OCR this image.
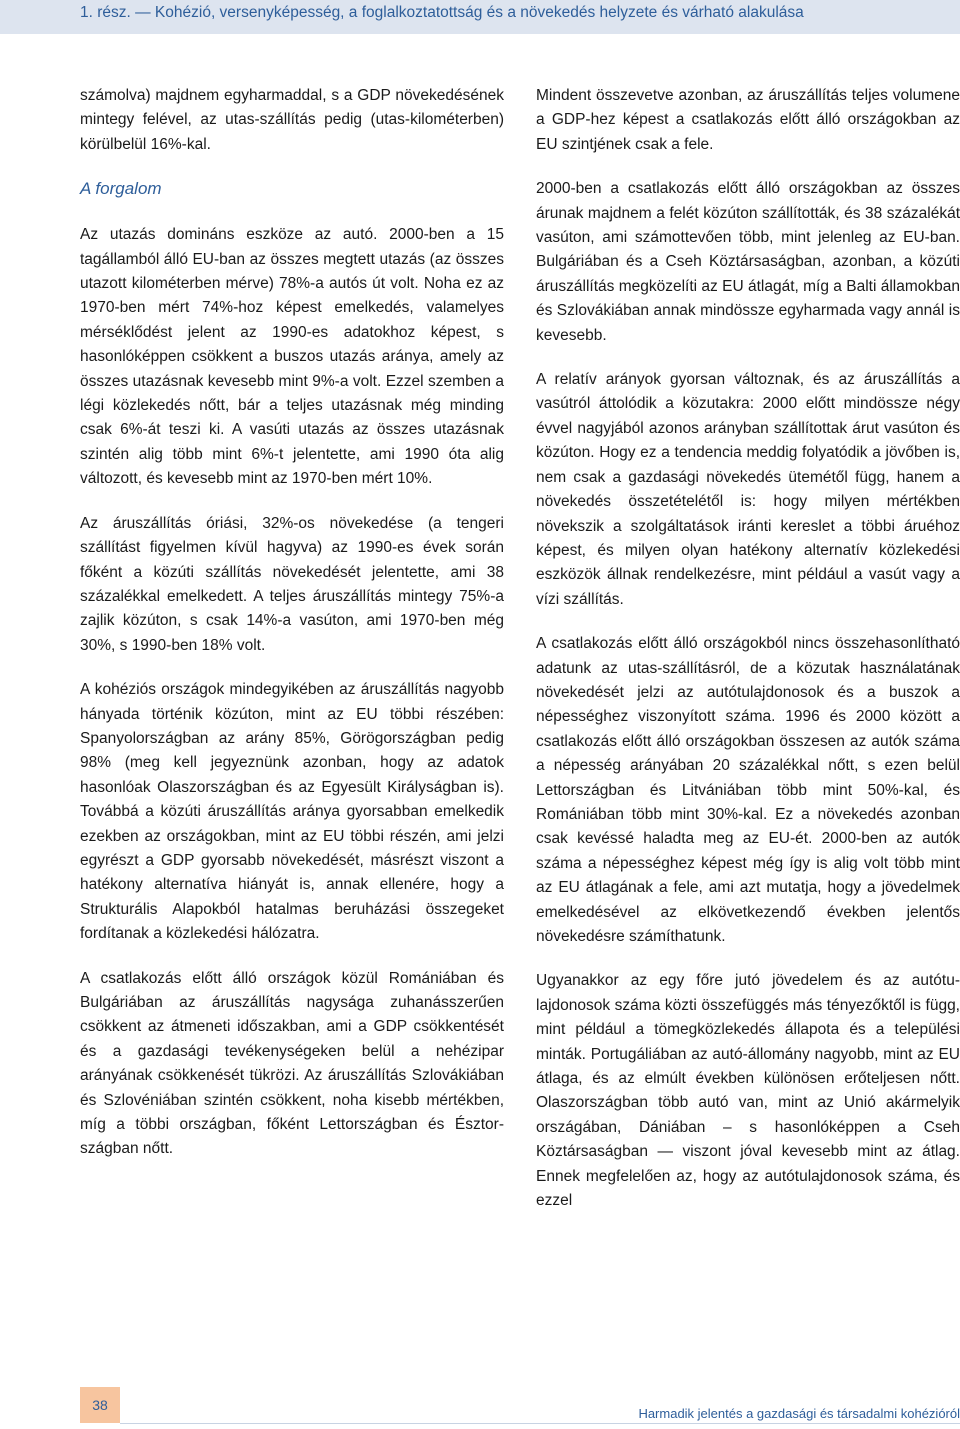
1. rész. — Kohézió, versenyképesség, a foglalkoztatottság és a növekedés helyzete és várható alakulása

számolva) majdnem egyharmaddal, s a GDP növekedésének mintegy felével, az utas-szállítás pedig (utas-kilométerben) körülbelül 16%-kal.

A forgalom

Az utazás domináns eszköze az autó. 2000-ben a 15 tagállamból álló EU-ban az összes megtett utazás (az összes utazott kilométerben mérve) 78%-a autós út volt. Noha ez az 1970-ben mért 74%-hoz képest emelkedés, valamelyes mérséklődést jelent az 1990-es adatokhoz képest, s hasonlóképpen csökkent a buszos utazás aránya, amely az összes utazásnak kevesebb mint 9%-a volt. Ezzel szemben a légi közlekedés nőtt, bár a teljes utazásnak még minding csak 6%-át teszi ki. A vasúti utazás az összes utazásnak szintén alig több mint 6%-t jelentette, ami 1990 óta alig változott, és kevesebb mint az 1970-ben mért 10%.

Az áruszállítás óriási, 32%-os növekedése (a tengeri szállítást figyelmen kívül hagyva) az 1990-es évek során főként a közúti szállítás növekedését jelentette, ami 38 százalékkal emelkedett. A teljes áruszállítás mintegy 75%-a zajlik közúton, s csak 14%-a vasúton, ami 1970-ben még 30%, s 1990-ben 18% volt.

A kohéziós országok mindegyikében az áruszállítás nagyobb hányada történik közúton, mint az EU többi részében: Spanyolországban az arány 85%, Görögországban pedig 98% (meg kell jegyeznünk azonban, hogy az adatok hasonlóak Olaszországban és az Egyesült Királyságban is). Továbbá a közúti áruszállítás aránya gyorsabban emelkedik ezekben az országokban, mint az EU többi részén, ami jelzi egyrészt a GDP gyorsabb növekedését, másrészt viszont a hatékony alternatíva hiányát is, annak ellenére, hogy a Strukturális Alapokból hatalmas beruházási összegeket fordítanak a közlekedési hálózatra.

A csatlakozás előtt álló országok közül Romániában és Bulgáriában az áruszállítás nagysága zuhanásszerűen csökkent az átmeneti időszakban, ami a GDP csökkentését és a gazdasági tevékenységeken belül a nehézipar arányának csökkenését tükrözi. Az áruszállítás Szlovákiában és Szlovéniában szintén csökkent, noha kisebb mértékben, míg a többi országban, főként Lettországban és Észtországban nőtt.

Mindent összevetve azonban, az áruszállítás teljes volumene a GDP-hez képest a csatlakozás előtt álló országokban az EU szintjének csak a fele.

2000-ben a csatlakozás előtt álló országokban az összes árunak majdnem a felét közúton szállították, és 38 százalékát vasúton, ami számottevően több, mint jelenleg az EU-ban. Bulgáriában és a Cseh Köztársaságban, azonban, a közúti áruszállítás megközelíti az EU átlagát, míg a Balti államokban és Szlovákiában annak mindössze egyharmada vagy annál is kevesebb.

A relatív arányok gyorsan változnak, és az áruszállítás a vasútról áttolódik a közutakra: 2000 előtt mindössze négy évvel nagyjából azonos arányban szállítottak árut vasúton és közúton. Hogy ez a tendencia meddig folyatódik a jövőben is, nem csak a gazdasági növekedés ütemétől függ, hanem a növekedés összetételétől is: hogy milyen mértékben növekszik a szolgáltatások iránti kereslet a többi áruéhoz képest, és milyen olyan hatékony alternatív közlekedési eszközök állnak rendelkezésre, mint például a vasút vagy a vízi szállítás.

A csatlakozás előtt álló országokból nincs összehasonlítható adatunk az utas-szállításról, de a közutak használatának növekedését jelzi az autótulajdonosok és a buszok a népességhez viszonyított száma. 1996 és 2000 között a csatlakozás előtt álló országokban összesen az autók száma a népesség arányában 20 százalékkal nőtt, s ezen belül Lettországban és Litvániában több mint 50%-kal, és Romániában több mint 30%-kal. Ez a növekedés azonban csak kevéssé haladta meg az EU-ét. 2000-ben az autók száma a népességhez képest még így is alig volt több mint az EU átlagának a fele, ami azt mutatja, hogy a jövedelmek emelkedésével az elkövetkezendő években jelentős növekedésre számíthatunk.

Ugyanakkor az egy főre jutó jövedelem és az autótulajdonosok száma közti összefüggés más tényezőktől is függ, mint például a tömegközlekedés állapota és a települési minták. Portugáliában az autó-állomány nagyobb, mint az EU átlaga, és az elmúlt években különösen erőteljesen nőtt. Olaszországban több autó van, mint az Unió akármelyik országában, Dániában – s hasonlóképpen a Cseh Köztársaságban — viszont jóval kevesebb mint az átlag. Ennek megfelelően az, hogy az autótulajdonosok száma, és ezzel

38
Harmadik jelentés a gazdasági és társadalmi kohézióról
